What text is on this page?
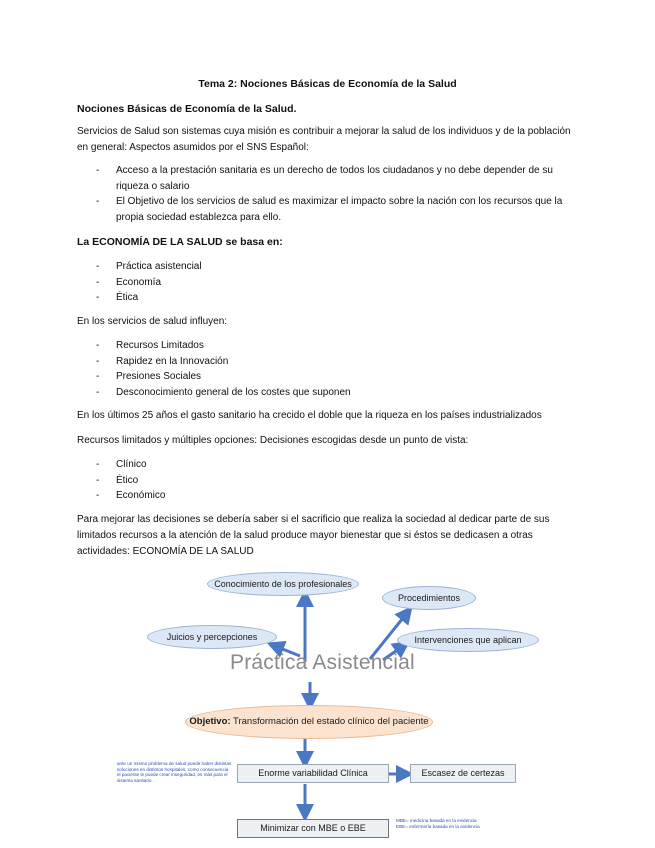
Tema 2: Nociones Básicas de Economía de la Salud
Nociones Básicas de Economía de la Salud.
Servicios de Salud son sistemas cuya misión es contribuir a mejorar la salud de los individuos y de la población en general: Aspectos asumidos por el SNS Español:
- Acceso a la prestación sanitaria es un derecho de todos los ciudadanos y no debe depender de su riqueza o salario
- El Objetivo de los servicios de salud es maximizar el impacto sobre la nación con los recursos que la propia sociedad establezca para ello.
La ECONOMÍA DE LA SALUD se basa en:
- Práctica asistencial
- Economía
- Ética
En los servicios de salud influyen:
- Recursos Limitados
- Rapidez en la Innovación
- Presiones Sociales
- Desconocimiento general de los costes que suponen
En los últimos 25 años el gasto sanitario ha crecido el doble que la riqueza en los países industrializados
Recursos limitados y múltiples opciones: Decisiones escogidas desde un punto de vista:
- Clínico
- Ético
- Económico
Para mejorar las decisiones se debería saber si el sacrificio que realiza la sociedad al dedicar parte de sus limitados recursos a la atención de la salud produce mayor bienestar que si éstos se dedicasen a otras actividades: ECONOMÍA DE LA SALUD
Conocimiento de los profesionales
Procedimientos
Juicios y percepciones	Intervenciones que aplican
Práctica Asistencial
Objetivo: Transformación del estado clínico del paciente
ante un mismo problema de salud puede haber distintas soluciones en distintos hospitales, como consecuencia el paciente le puede crear inseguridad, es más para el sistema sanitario.
Enorme variabilidad Clínica	Escasez de certezas
Minimizar con MBE o EBE
MBE= medicina basada en la evidencia
EBE= enfermería basada en la evidencia
